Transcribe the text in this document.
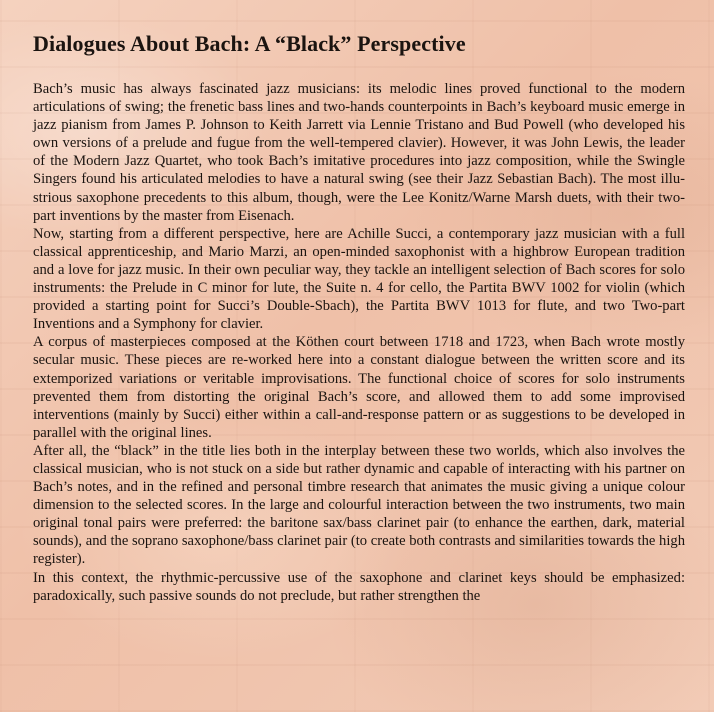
Dialogues About Bach: A “Black” Perspective

Bach’s music has always fascinated jazz musicians: its melodic lines proved functional to the modern articulations of swing; the frenetic bass lines and two-hands counterpoints in Bach’s keyboard music emerge in jazz pianism from James P. Johnson to Keith Jarrett via Lennie Tristano and Bud Powell (who developed his own versions of a prelude and fugue from the well-tempered clavier). However, it was John Lewis, the leader of the Modern Jazz Quartet, who took Bach’s imitative procedures into jazz composition, while the Swingle Singers found his articulated melodies to have a natural swing (see their Jazz Sebastian Bach). The most illustrious saxophone precedents to this album, though, were the Lee Konitz/Warne Marsh duets, with their two-part inventions by the master from Eisenach.

Now, starting from a different perspective, here are Achille Succi, a contemporary jazz musician with a full classical apprenticeship, and Mario Marzi, an open-minded saxophonist with a highbrow European tradition and a love for jazz music. In their own peculiar way, they tackle an intelligent selection of Bach scores for solo instruments: the Prelude in C minor for lute, the Suite n. 4 for cello, the Partita BWV 1002 for violin (which provided a starting point for Succi’s Double-Sbach), the Partita BWV 1013 for flute, and two Two-part Inventions and a Symphony for clavier.

A corpus of masterpieces composed at the Köthen court between 1718 and 1723, when Bach wrote mostly secular music. These pieces are re-worked here into a constant dialogue between the written score and its extemporized variations or veritable improvisations. The functional choice of scores for solo instruments prevented them from distorting the original Bach’s score, and allowed them to add some improvised interventions (mainly by Succi) either within a call-and-response pattern or as suggestions to be developed in parallel with the original lines.

After all, the “black” in the title lies both in the interplay between these two worlds, which also involves the classical musician, who is not stuck on a side but rather dynamic and capable of interacting with his partner on Bach’s notes, and in the refined and personal timbre research that animates the music giving a unique colour dimension to the selected scores. In the large and colourful interaction between the two instruments, two main original tonal pairs were preferred: the baritone sax/bass clarinet pair (to enhance the earthen, dark, material sounds), and the soprano saxophone/bass clarinet pair (to create both contrasts and similarities towards the high register).

In this context, the rhythmic-percussive use of the saxophone and clarinet keys should be emphasized: paradoxically, such passive sounds do not preclude, but rather strengthen the
